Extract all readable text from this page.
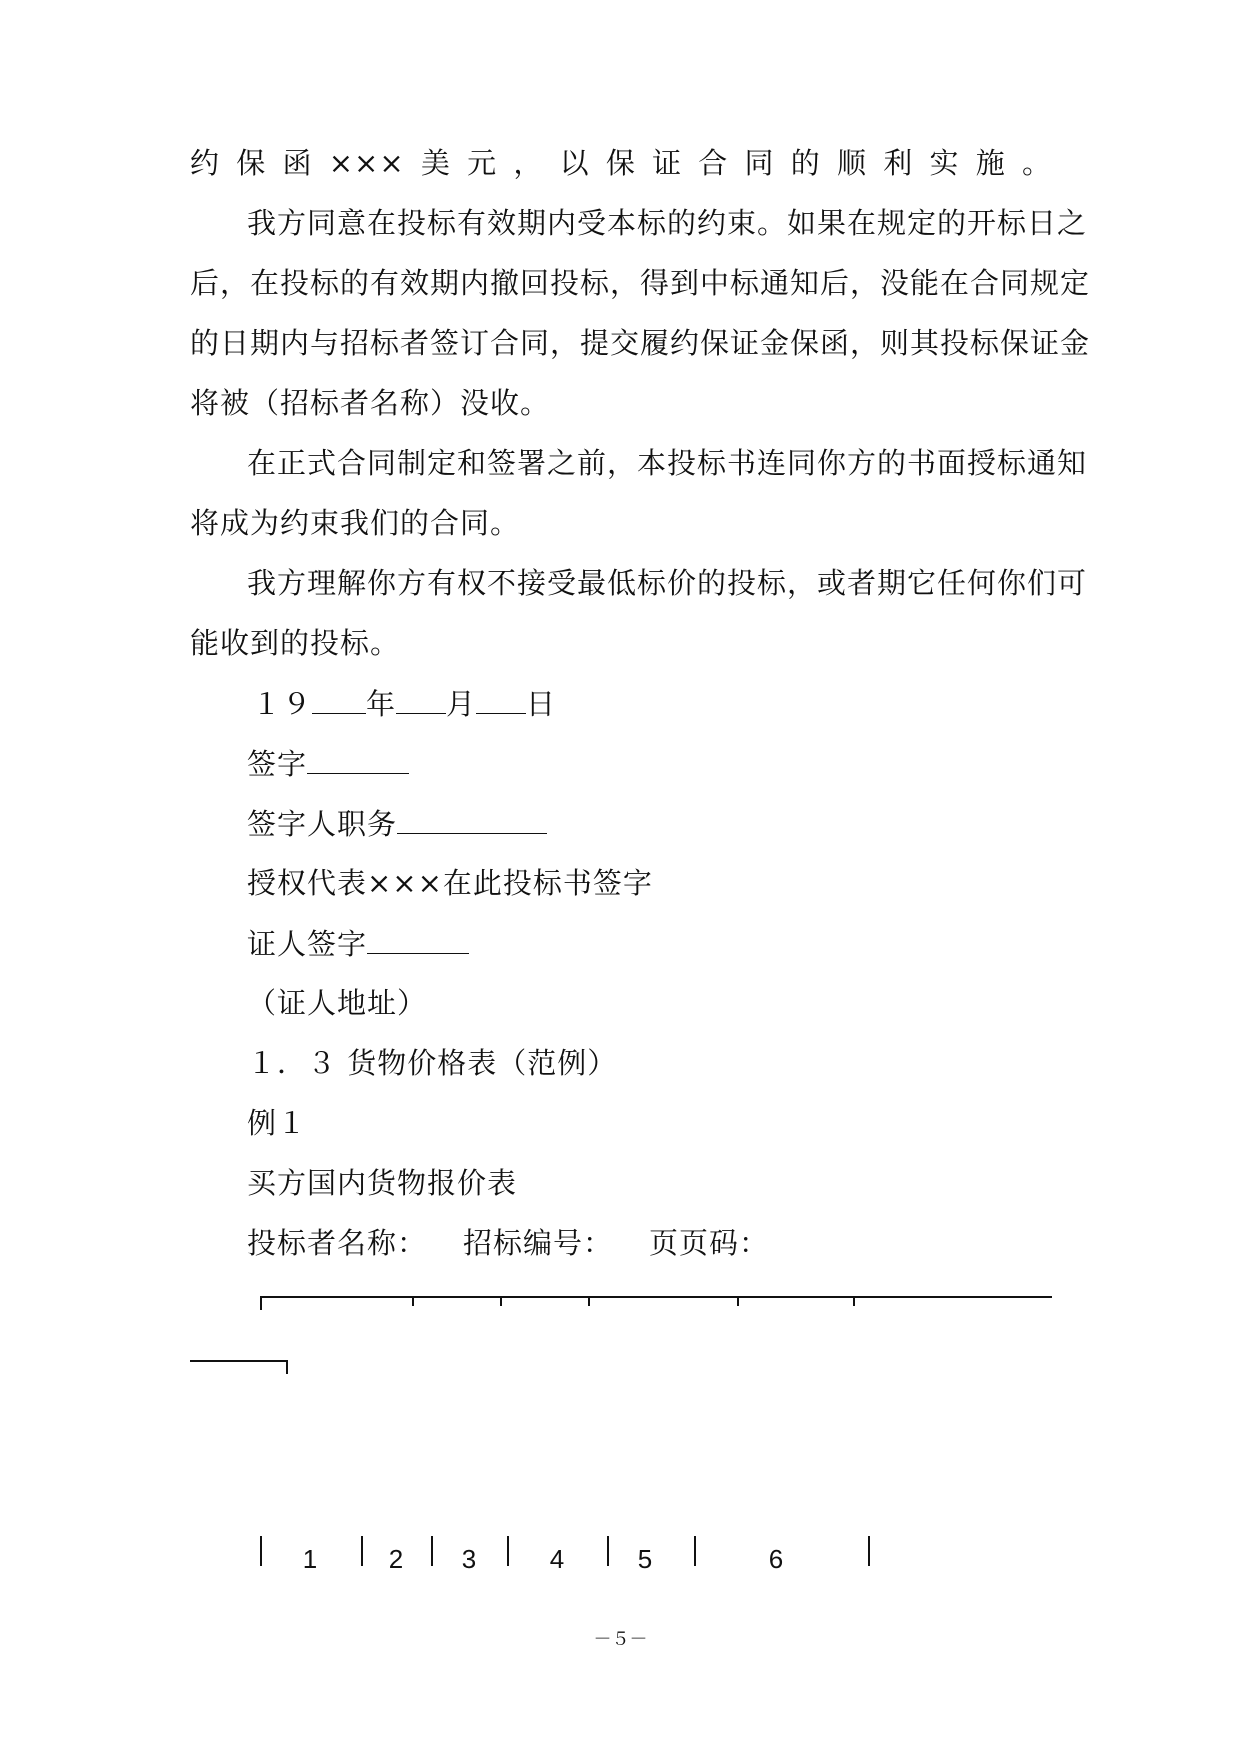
约保函×××美元，以保证合同的顺利实施。
我方同意在投标有效期内受本标的约束。如果在规定的开标日之
后，在投标的有效期内撤回投标，得到中标通知后，没能在合同规定
的日期内与招标者签订合同，提交履约保证金保函，则其投标保证金
将被（招标者名称）没收。
在正式合同制定和签署之前，本投标书连同你方的书面授标通知
将成为约束我们的合同。
我方理解你方有权不接受最低标价的投标，或者期它任何你们可
能收到的投标。
１９ 年 月 日
签字
签字人职务
授权代表×××在此投标书签字
证人签字
（证人地址）
１．３ 货物价格表（范例）
例１
买方国内货物报价表
投标者名称： 招标编号： 页页码：
1	2	3	4	5	6
－５－
